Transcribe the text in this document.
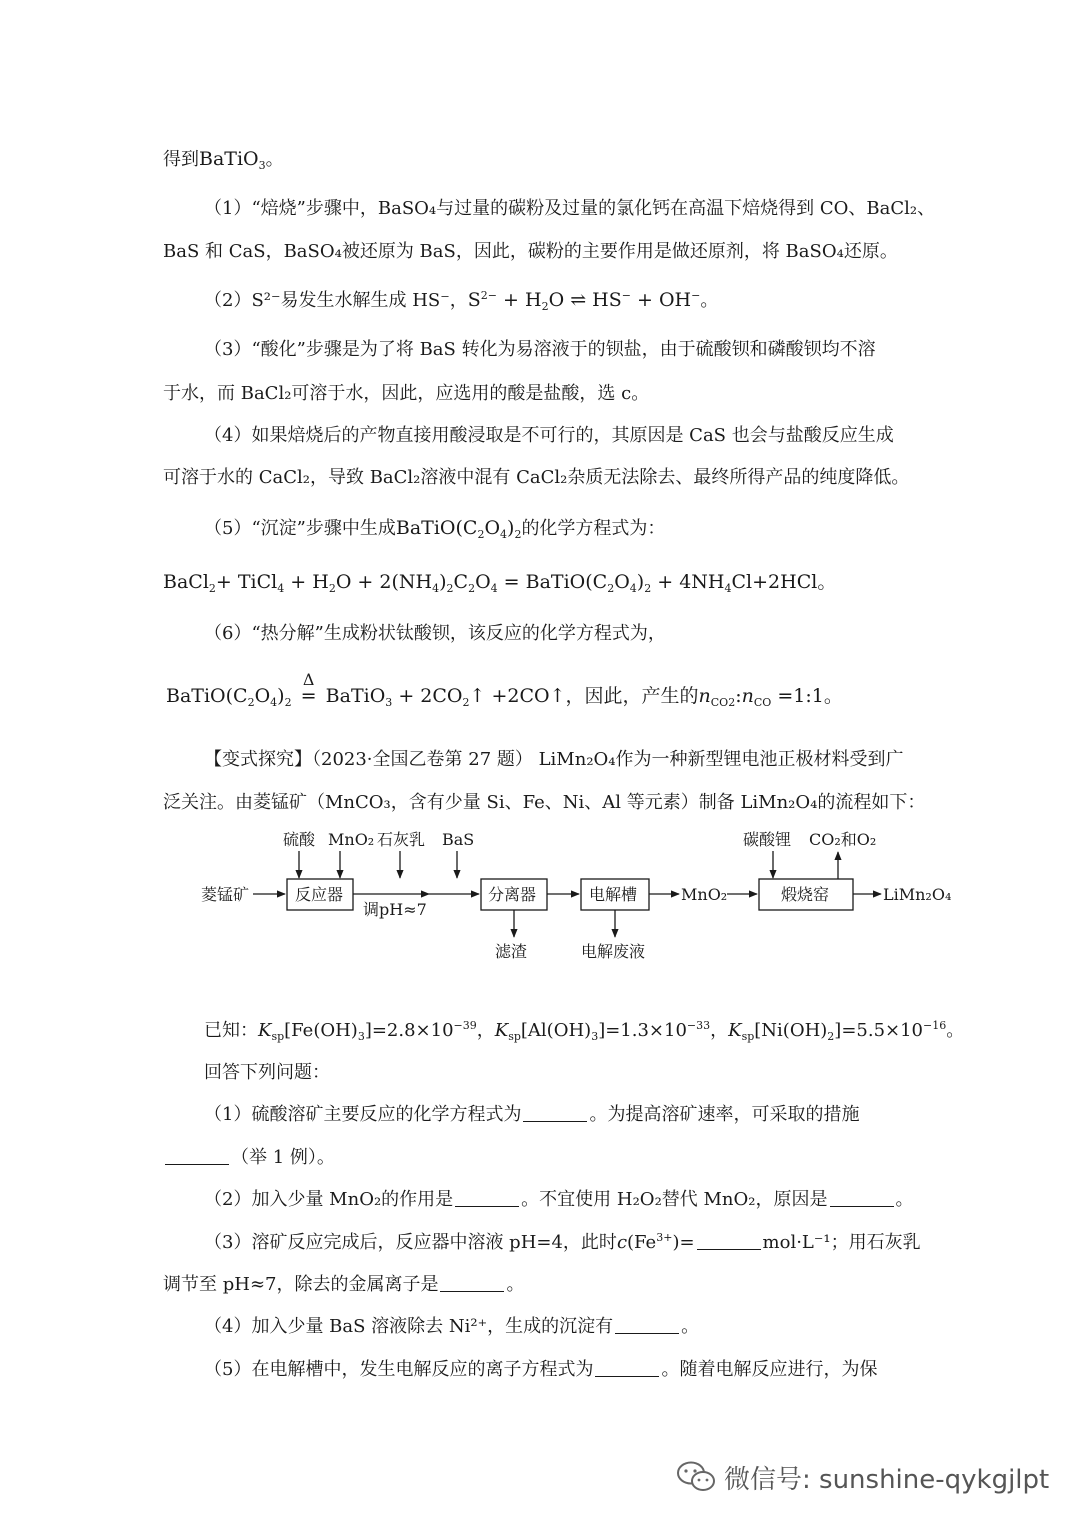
得到BaTiO$_3$。
（1）“焙烧”步骤中，BaSO₄与过量的碳粉及过量的氯化钙在高温下焙烧得到 CO、BaCl₂、
BaS 和 CaS，BaSO₄被还原为 BaS，因此，碳粉的主要作用是做还原剂，将 BaSO₄还原。
（2）S²⁻易发生水解生成 HS⁻，$S^{2-} + H_2O$ ⇌ HS− + OH−。
（3）“酸化”步骤是为了将 BaS 转化为易溶液于的钡盐，由于硫酸钡和磷酸钡均不溶
于水，而 BaCl₂可溶于水，因此，应选用的酸是盐酸，选 c。
（4）如果焙烧后的产物直接用酸浸取是不可行的，其原因是 CaS 也会与盐酸反应生成
可溶于水的 CaCl₂，导致 BaCl₂溶液中混有 CaCl₂杂质无法除去、最终所得产品的纯度降低。
（5）“沉淀”步骤中生成$BaTiO(C_2O_4)_2$的化学方程式为：
BaCl$_2$+ TiCl$_4$ + $H_2O + 2(NH_4)_2C_2O_4$ = $BaTiO(C_2O_4)_2 + 4NH_4Cl+2HCl$。
（6）“热分解”生成粉状钛酸钡，该反应的化学方程式为，
$BaTiO(C_2O_4)_2$
Δ
= BaTiO$_3$ + $2CO_2↑$ +2CO↑，因此，产生的$n_{CO2}:n_{CO}$ =1:1。
【变式探究】（2023·全国乙卷第 27 题） LiMn₂O₄作为一种新型锂电池正极材料受到广
泛关注。由菱锰矿（MnCO₃，含有少量 Si、Fe、Ni、Al 等元素）制备 LiMn₂O₄的流程如下：
硫酸 MnO₂ 石灰乳 BaS
菱锰矿	反应器
调pH≈7
分离器
滤渣
电解槽
电解废液
MnO₂
碳酸锂 CO₂和O₂
煅烧窑	LiMn₂O₄
已知：$K_{sp}[Fe(OH)_3]=2.8\times 10^{-39}$，$K_{sp}[Al(OH)_3]=1.3\times 10^{-33}$，$K_{sp}[Ni(OH)_2]=5.5\times 10^{-16}$。
回答下列问题：
（1）硫酸溶矿主要反应的化学方程式为	。为提高溶矿速率，可采取的措施
（举 1 例）。
（2）加入少量 MnO₂的作用是	。不宜使用 H₂O₂替代 MnO₂，原因是	。
（3）溶矿反应完成后，反应器中溶液 pH=4，此时$c(Fe^{3+})=$	mol·L⁻¹；用石灰乳
调节至 pH≈7，除去的金属离子是	。
（4）加入少量 BaS 溶液除去 Ni²⁺，生成的沉淀有	。
（5）在电解槽中，发生电解反应的离子方程式为	。随着电解反应进行，为保
微信号: sunshine-qykgjlpt
